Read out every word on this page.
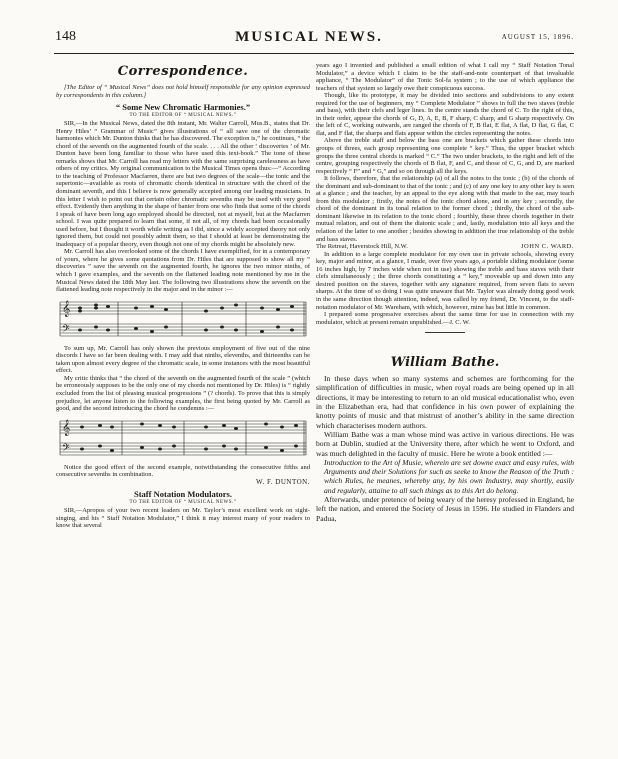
148	MUSICAL NEWS.	AUGUST 15, 1896.
Correspondence.

[The Editor of “ Musical News” does not hold himself responsible for any opinion expressed by correspondents in this column.]

“ Some New Chromatic Harmonies.”
TO THE EDITOR OF “ MUSICAL NEWS.”

SIR,—In the Musical News, dated the 8th instant, Mr. Walter Carroll, Mus.B., states that Dr. Henry Hiles’ “ Grammar of Music” gives illustrations of “ all save one of the chromatic harmonies which Mr. Dunton thinks that he has discovered. The exception is,” he continues, “ the chord of the seventh on the augmented fourth of the scale. . . . All the other ‘ discoveries ’ of Mr. Dunton have been long familiar to those who have used this text-book.” The tone of these remarks shows that Mr. Carroll has read my letters with the same surprising carelessness as have others of my critics. My original communication to the Musical Times opens thus:—“ According to the teaching of Professor Macfarren, there are but two degrees of the scale—the tonic and the supertonic—available as roots of chromatic chords identical in structure with the chord of the dominant seventh, and this I believe is now generally accepted among our leading musicians. In this letter I wish to point out that certain other chromatic sevenths may be used with very good effect. Evidently then anything in the shape of banter from one who finds that some of the chords I speak of have been long ago employed should be directed, not at myself, but at the Macfarren school. I was quite prepared to learn that some, if not all, of my chords had been occasionally used before, but I thought it worth while writing as I did, since a widely accepted theory not only ignored them, but could not possibly admit them, so that I should at least be demonstrating the inadequacy of a popular theory, even though not one of my chords might be absolutely new.

Mr. Carroll has also overlooked some of the chords I have exemplified, for in a contemporary of yours, where he gives some quotations from Dr. Hiles that are supposed to show all my “ discoveries ” save the seventh on the augmented fourth, he ignores the two minor ninths, of which I gave examples, and the seventh on the flattened leading note mentioned by me in the Musical News dated the 18th May last. The following two illustrations show the seventh on the flattened leading note respectively in the major and in the minor :—

𝄞
𝄢

To sum up, Mr. Carroll has only shown the previous employment of five out of the nine discords I have so far been dealing with. I may add that ninths, elevenths, and thirteenths can be taken upon almost every degree of the chromatic scale, in some instances with the most beautiful effect.

My critic thinks that “ the chord of the seventh on the augmented fourth of the scale ” (which he erroneously supposes to be the only one of my chords not mentioned by Dr. Hiles) is “ rightly excluded from the list of pleasing musical progressions ” (? chords). To prove that this is simply prejudice, let anyone listen to the following examples, the first being quoted by Mr. Carroll as good, and the second introducing the chord he condemns :—

𝄞
𝄢

Notice the good effect of the second example, notwithstanding the consecutive fifths and consecutive sevenths in combination.

W. F. DUNTON.

Staff Notation Modulators.
TO THE EDITOR OF “ MUSICAL NEWS.”

SIR,—Apropos of your two recent leaders on Mr. Taylor’s most excellent work on sight-singing, and his “ Staff Notation Modulator,” I think it may interest many of your readers to know that several

years ago I invented and published a small edition of what I call my “ Staff Notation Tonal Modulator,” a device which I claim to be the staff-and-note counterpart of that invaluable appliance, “ The Modulator” of the Tonic Sol-fa system ; to the use of which appliance the teachers of that system so largely owe their conspicuous success.

Though, like its prototype, it may be divided into sections and subdivisions to any extent required for the use of beginners, my “ Complete Modulator ” shows in full the two staves (treble and bass), with their clefs and leger lines. In the centre stands the chord of C. To the right of this, in their order, appear the chords of G, D, A, E, B, F sharp, C sharp, and G sharp respectively. On the left of C, working outwards, are ranged the chords of F, B flat, E flat, A flat, D flat, G flat, C flat, and F flat, the sharps and flats appear within the circles representing the notes.

Above the treble staff and below the bass one are brackets which gather these chords into groups of threes, each group representing one complete “ key.” Thus, the upper bracket which groups the three central chords is marked “ C.” The two under brackets, to the right and left of the centre, grouping respectively the chords of B flat, F, and C, and those of C, G, and D, are marked respectively “ F” and “ G,” and so on through all the keys.

It follows, therefore, that the relationship (a) of all the notes to the tonic ; (b) of the chords of the dominant and sub-dominant to that of the tonic ; and (c) of any one key to any other key is seen at a glance ; and the teacher, by an appeal to the eye along with that made to the ear, may teach from this modulator ; firstly, the notes of the tonic chord alone, and in any key ; secondly, the chord of the dominant in its tonal relation to the former chord ; thirdly, the chord of the sub-dominant likewise in its relation to the tonic chord ; fourthly, these three chords together in their mutual relation, and out of them the diatonic scale ; and, lastly, modulation into all keys and the relation of the latter to one another ; besides showing in addition the true relationship of the treble and bass staves.

The Retreat, Haverstock Hill, N.W.	JOHN C. WARD.

In addition to a large complete modulator for my own use in private schools, showing every key, major and minor, at a glance, I made, over five years ago, a portable sliding modulator (some 16 inches high, by 7 inches wide when not in use) showing the treble and bass staves with their clefs simultaneously ; the three chords constituting a “ key,” moveable up and down into any desired position on the staves, together with any signature required, from seven flats to seven sharps. At the time of so doing I was quite unaware that Mr. Taylor was already doing good work in the same direction though attention, indeed, was called by my friend, Dr. Vincent, to the staff-notation modulator of Mr. Wareham, with which, however, mine has but little in common.

I prepared some progressive exercises about the same time for use in connection with my modulator, which at present remain unpublished.—J. C. W.

William Bathe.

In these days when so many systems and schemes are forthcoming for the simplification of difficulties in music, when royal roads are being opened up in all directions, it may be interesting to return to an old musical educationalist who, even in the Elizabethan era, had that confidence in his own power of explaining the knotty points of music and that mistrust of another’s ability in the same direction which characterises modern authors.

William Bathe was a man whose mind was active in various directions. He was born at Dublin, studied at the University there, after which he went to Oxford, and was much delighted in the faculty of music. Here he wrote a book entitled :—

Introduction to the Art of Musie, wherein are set downe exact and easy rules, with Arguments and their Solutions for such as seeke to know the Reason of the Truth : which Rules, he meanes, whereby any, by his own Industry, may shortly, easily and regularly, attaine to all such things as to this Art do belong.

Afterwards, under pretence of being weary of the heresy professed in England, he left the nation, and entered the Society of Jesus in 1596. He studied in Flanders and Padua,
